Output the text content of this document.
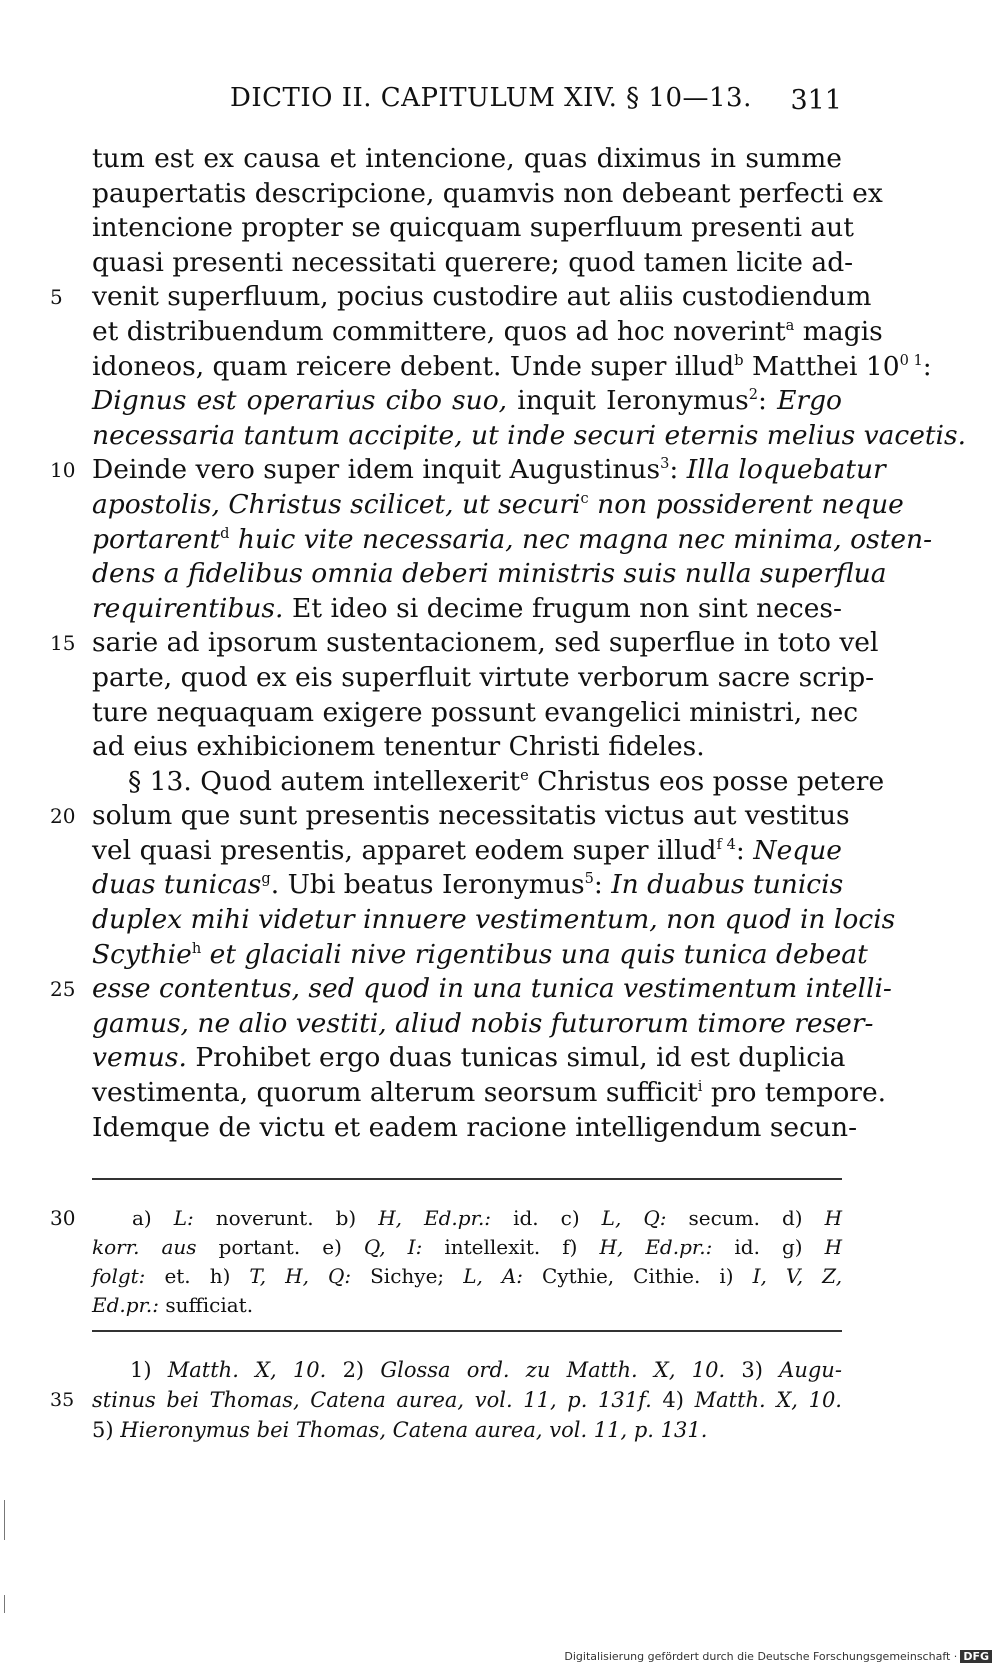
DICTIO II. CAPITULUM XIV. § 10—13. 311
tum est ex causa et intencione, quas diximus in summe
paupertatis descripcione, quamvis non debeant perfecti ex
intencione propter se quicquam superfluum presenti aut
quasi presenti necessitati querere; quod tamen licite ad-
5 venit superfluum, pocius custodire aut aliis custodiendum
et distribuendum committere, quos ad hoc noverint$^a$ magis
idoneos, quam reicere debent. Unde super illud$^b$ Matthei $10^{0 1}$:
Dignus est operarius cibo suo, inquit Ieronymus$^2$: Ergo
necessaria tantum accipite, ut inde securi eternis melius vacetis.
10 Deinde vero super idem inquit Augustinus$^3$: Illa loquebatur
apostolis, Christus scilicet, ut securi$^c$ non possiderent neque
portarent$^d$ huic vite necessaria, nec magna nec minima, osten-
dens a fidelibus omnia deberi ministris suis nulla superflua
requirentibus. Et ideo si decime frugum non sint neces-
15 sarie ad ipsorum sustentacionem, sed superflue in toto vel
parte, quod ex eis superfluit virtute verborum sacre scrip-
ture nequaquam exigere possunt evangelici ministri, nec
ad eius exhibicionem tenentur Christi fideles.
§ 13. Quod autem intellexerit$^e$ Christus eos posse petere
20 solum que sunt presentis necessitatis victus aut vestitus
vel quasi presentis, apparet eodem super illud$^{f 4}$: Neque
duas tunicas$^g$. Ubi beatus Ieronymus$^5$: In duabus tunicis
duplex mihi videtur innuere vestimentum, non quod in locis
Scythie$^h$ et glaciali nive rigentibus una quis tunica debeat
25 esse contentus, sed quod in una tunica vestimentum intelli-
gamus, ne alio vestiti, aliud nobis futurorum timore reser-
vemus. Prohibet ergo duas tunicas simul, id est duplicia
vestimenta, quorum alterum seorsum sufficit$^i$ pro tempore.
Idemque de victu et eadem racione intelligendum secun-
30	a) L: noverunt. b) H, Ed.pr.: id. c) L, Q: secum. d) H
korr. aus portant. e) Q, I: intellexit. f) H, Ed.pr.: id. g) H
folgt: et. h) T, H, Q: Sichye; L, A: Cythie, Cithie. i) I, V, Z,
Ed.pr.: sufficiat.
1) Matth. X, 10. 2) Glossa ord. zu Matth. X, 10. 3) Augu-
35 stinus bei Thomas, Catena aurea, vol. 11, p. 131f. 4) Matth. X, 10.
5) Hieronymus bei Thomas, Catena aurea, vol. 11, p. 131.
Digitalisierung gefördert durch die Deutsche Forschungsgemeinschaft · DFG
